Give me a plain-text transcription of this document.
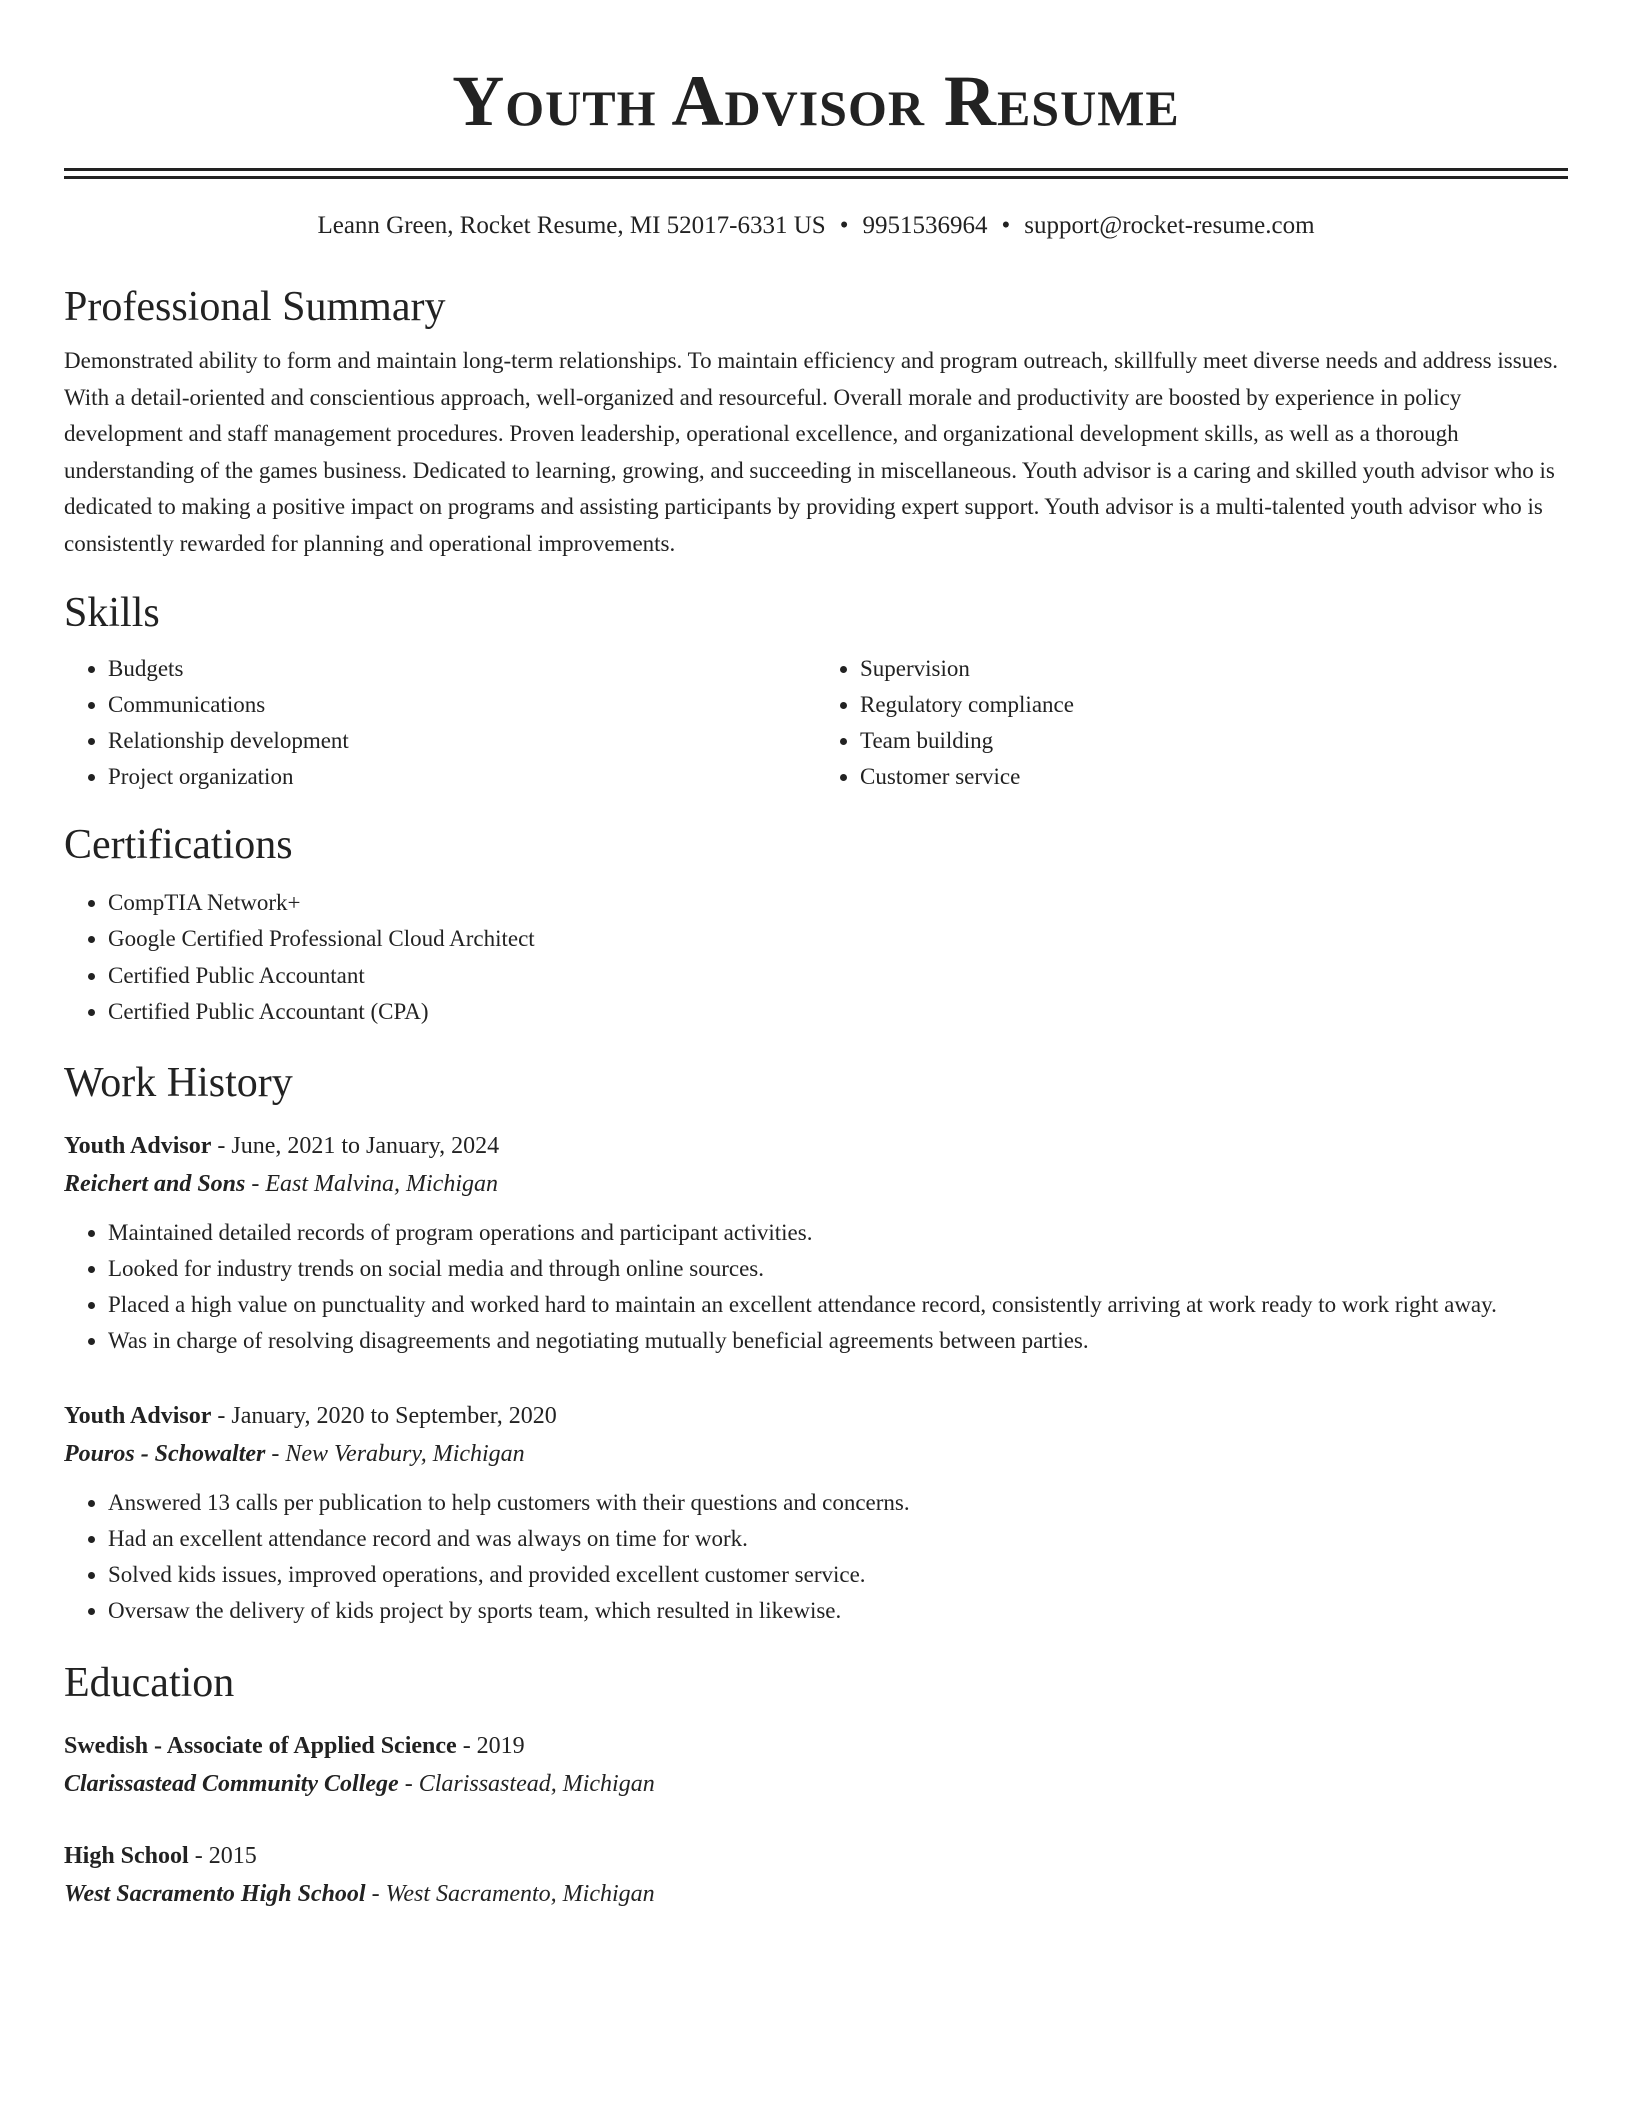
Youth Advisor Resume
Leann Green, Rocket Resume, MI 52017-6331 US • 9951536964 • support@rocket-resume.com
Professional Summary

Demonstrated ability to form and maintain long-term relationships. To maintain efficiency and program outreach, skillfully meet diverse needs and address issues. With a detail-oriented and conscientious approach, well-organized and resourceful. Overall morale and productivity are boosted by experience in policy development and staff management procedures. Proven leadership, operational excellence, and organizational development skills, as well as a thorough understanding of the games business. Dedicated to learning, growing, and succeeding in miscellaneous. Youth advisor is a caring and skilled youth advisor who is dedicated to making a positive impact on programs and assisting participants by providing expert support. Youth advisor is a multi-talented youth advisor who is consistently rewarded for planning and operational improvements.

Skills
• Budgets
• Communications
• Relationship development
• Project organization
• Supervision
• Regulatory compliance
• Team building
• Customer service
Certifications
• CompTIA Network+
• Google Certified Professional Cloud Architect
• Certified Public Accountant
• Certified Public Accountant (CPA)
Work History
Youth Advisor - June, 2021 to January, 2024
Reichert and Sons - East Malvina, Michigan
• Maintained detailed records of program operations and participant activities.
• Looked for industry trends on social media and through online sources.
• Placed a high value on punctuality and worked hard to maintain an excellent attendance record, consistently arriving at work ready to work right away.
• Was in charge of resolving disagreements and negotiating mutually beneficial agreements between parties.
Youth Advisor - January, 2020 to September, 2020
Pouros - Schowalter - New Verabury, Michigan
• Answered 13 calls per publication to help customers with their questions and concerns.
• Had an excellent attendance record and was always on time for work.
• Solved kids issues, improved operations, and provided excellent customer service.
• Oversaw the delivery of kids project by sports team, which resulted in likewise.
Education
Swedish - Associate of Applied Science - 2019
Clarissastead Community College - Clarissastead, Michigan
High School - 2015
West Sacramento High School - West Sacramento, Michigan
